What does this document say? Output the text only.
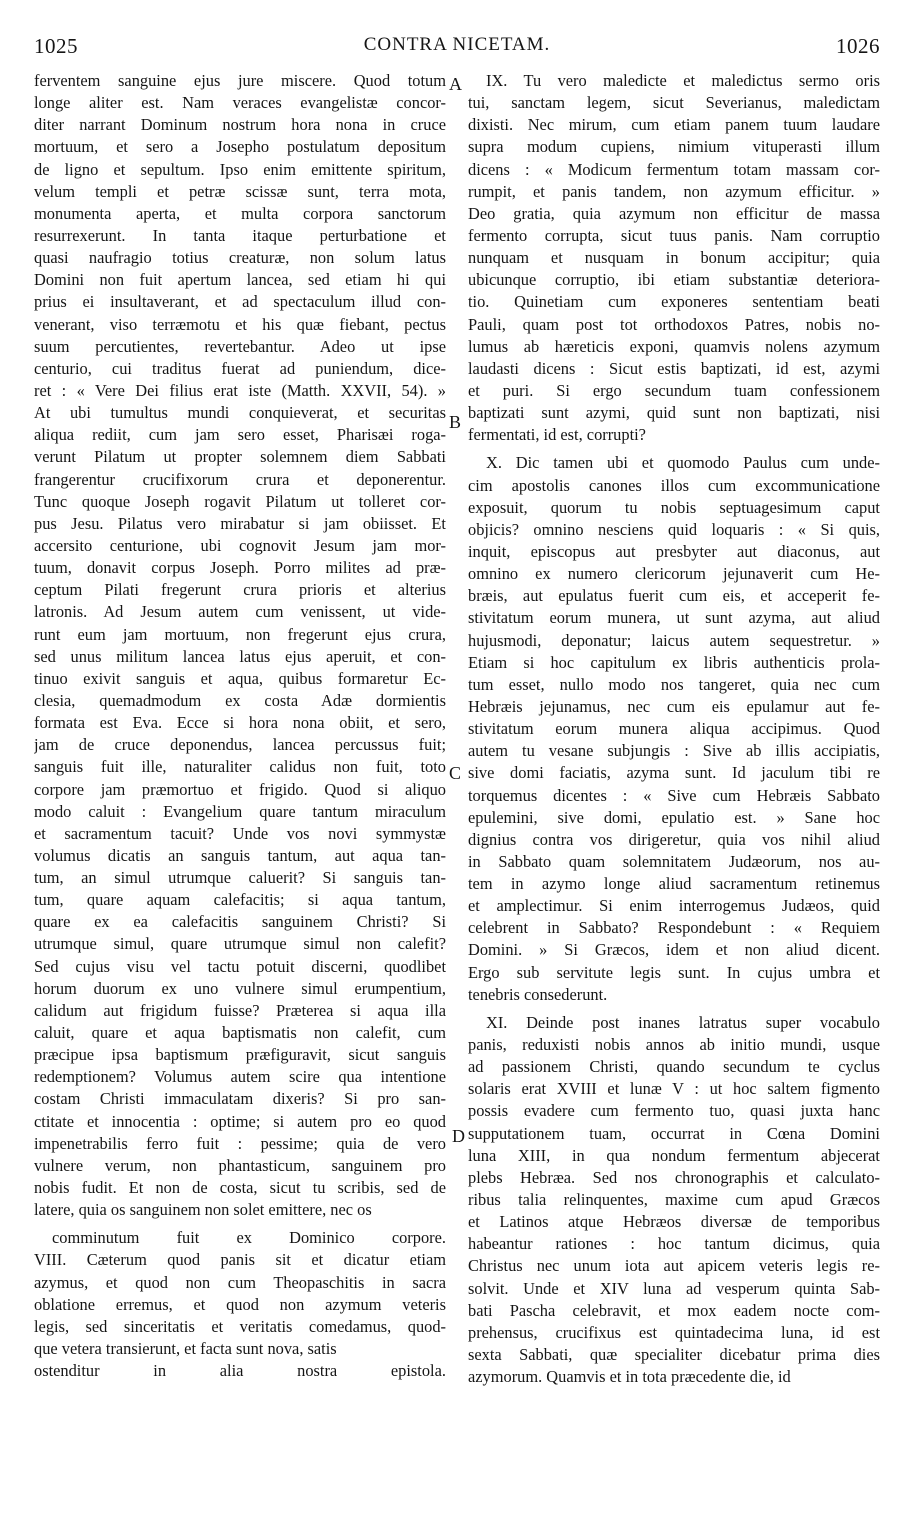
1025	CONTRA NICETAM.	1026
ferventem sanguine ejus jure miscere. Quod totum
longe aliter est. Nam veraces evangelistæ concor-
diter narrant Dominum nostrum hora nona in cruce
mortuum, et sero a Josepho postulatum depositum
de ligno et sepultum. Ipso enim emittente spiritum,
velum templi et petræ scissæ sunt, terra mota,
monumenta aperta, et multa corpora sanctorum
resurrexerunt. In tanta itaque perturbatione et
quasi naufragio totius creaturæ, non solum latus
Domini non fuit apertum lancea, sed etiam hi qui
prius ei insultaverant, et ad spectaculum illud con-
venerant, viso terræmotu et his quæ fiebant, pectus
suum percutientes, revertebantur. Adeo ut ipse
centurio, cui traditus fuerat ad puniendum, dice-
ret : « Vere Dei filius erat iste (Matth. XXVII, 54). »
At ubi tumultus mundi conquieverat, et securitas
aliqua rediit, cum jam sero esset, Pharisæi roga-
verunt Pilatum ut propter solemnem diem Sabbati
frangerentur crucifixorum crura et deponerentur.
Tunc quoque Joseph rogavit Pilatum ut tolleret cor-
pus Jesu. Pilatus vero mirabatur si jam obiisset. Et
accersito centurione, ubi cognovit Jesum jam mor-
tuum, donavit corpus Joseph. Porro milites ad præ-
ceptum Pilati fregerunt crura prioris et alterius
latronis. Ad Jesum autem cum venissent, ut vide-
runt eum jam mortuum, non fregerunt ejus crura,
sed unus militum lancea latus ejus aperuit, et con-
tinuo exivit sanguis et aqua, quibus formaretur Ec-
clesia, quemadmodum ex costa Adæ dormientis
formata est Eva. Ecce si hora nona obiit, et sero,
jam de cruce deponendus, lancea percussus fuit;
sanguis fuit ille, naturaliter calidus non fuit, toto
corpore jam præmortuo et frigido. Quod si aliquo
modo caluit : Evangelium quare tantum miraculum
et sacramentum tacuit? Unde vos novi symmystæ
volumus dicatis an sanguis tantum, aut aqua tan-
tum, an simul utrumque caluerit? Si sanguis tan-
tum, quare aquam calefacitis; si aqua tantum,
quare ex ea calefacitis sanguinem Christi? Si
utrumque simul, quare utrumque simul non calefit?
Sed cujus visu vel tactu potuit discerni, quodlibet
horum duorum ex uno vulnere simul erumpentium,
calidum aut frigidum fuisse? Præterea si aqua illa
caluit, quare et aqua baptismatis non calefit, cum
præcipue ipsa baptismum præfiguravit, sicut sanguis
redemptionem? Volumus autem scire qua intentione
costam Christi immaculatam dixeris? Si pro san-
ctitate et innocentia : optime; si autem pro eo quod
impenetrabilis ferro fuit : pessime; quia de vero
vulnere verum, non phantasticum, sanguinem pro
nobis fudit. Et non de costa, sicut tu scribis, sed de
latere, quia os sanguinem non solet emittere, nec os
comminutum fuit ex Dominico corpore.
VIII. Cæterum quod panis sit et dicatur etiam
azymus, et quod non cum Theopaschitis in sacra
oblatione erremus, et quod non azymum veteris
legis, sed sinceritatis et veritatis comedamus, quod-
que vetera transierunt, et facta sunt nova, satis
ostenditur in alia nostra epistola.
IX. Tu vero maledicte et maledictus sermo oris
tui, sanctam legem, sicut Severianus, maledictam
dixisti. Nec mirum, cum etiam panem tuum laudare
supra modum cupiens, nimium vituperasti illum
dicens : « Modicum fermentum totam massam cor-
rumpit, et panis tandem, non azymum efficitur. »
Deo gratia, quia azymum non efficitur de massa
fermento corrupta, sicut tuus panis. Nam corruptio
nunquam et nusquam in bonum accipitur; quia
ubicunque corruptio, ibi etiam substantiæ deteriora-
tio. Quinetiam cum exponeres sententiam beati
Pauli, quam post tot orthodoxos Patres, nobis no-
lumus ab hæreticis exponi, quamvis nolens azymum
laudasti dicens : Sicut estis baptizati, id est, azymi
et puri. Si ergo secundum tuam confessionem
baptizati sunt azymi, quid sunt non baptizati, nisi
fermentati, id est, corrupti?
X. Dic tamen ubi et quomodo Paulus cum unde-
cim apostolis canones illos cum excommunicatione
exposuit, quorum tu nobis septuagesimum caput
objicis? omnino nesciens quid loquaris : « Si quis,
inquit, episcopus aut presbyter aut diaconus, aut
omnino ex numero clericorum jejunaverit cum He-
bræis, aut epulatus fuerit cum eis, et acceperit fe-
stivitatum eorum munera, ut sunt azyma, aut aliud
hujusmodi, deponatur; laicus autem sequestretur. »
Etiam si hoc capitulum ex libris authenticis prola-
tum esset, nullo modo nos tangeret, quia nec cum
Hebræis jejunamus, nec cum eis epulamur aut fe-
stivitatum eorum munera aliqua accipimus. Quod
autem tu vesane subjungis : Sive ab illis accipiatis,
sive domi faciatis, azyma sunt. Id jaculum tibi re
torquemus dicentes : « Sive cum Hebræis Sabbato
epulemini, sive domi, epulatio est. » Sane hoc
dignius contra vos dirigeretur, quia vos nihil aliud
in Sabbato quam solemnitatem Judæorum, nos au-
tem in azymo longe aliud sacramentum retinemus
et amplectimur. Si enim interrogemus Judæos, quid
celebrent in Sabbato? Respondebunt : « Requiem
Domini. » Si Græcos, idem et non aliud dicent.
Ergo sub servitute legis sunt. In cujus umbra et
tenebris consederunt.
XI. Deinde post inanes latratus super vocabulo
panis, reduxisti nobis annos ab initio mundi, usque
ad passionem Christi, quando secundum te cyclus
solaris erat XVIII et lunæ V : ut hoc saltem figmento
possis evadere cum fermento tuo, quasi juxta hanc
supputationem tuam, occurrat in Cœna Domini
luna XIII, in qua nondum fermentum abjecerat
plebs Hebræa. Sed nos chronographis et calculato-
ribus talia relinquentes, maxime cum apud Græcos
et Latinos atque Hebræos diversæ de temporibus
habeantur rationes : hoc tantum dicimus, quia
Christus nec unum iota aut apicem veteris legis re-
solvit. Unde et XIV luna ad vesperum quinta Sab-
bati Pascha celebravit, et mox eadem nocte com-
prehensus, crucifixus est quintadecima luna, id est
sexta Sabbati, quæ specialiter dicebatur prima dies
azymorum. Quamvis et in tota præcedente die, id
A
B
C
D
